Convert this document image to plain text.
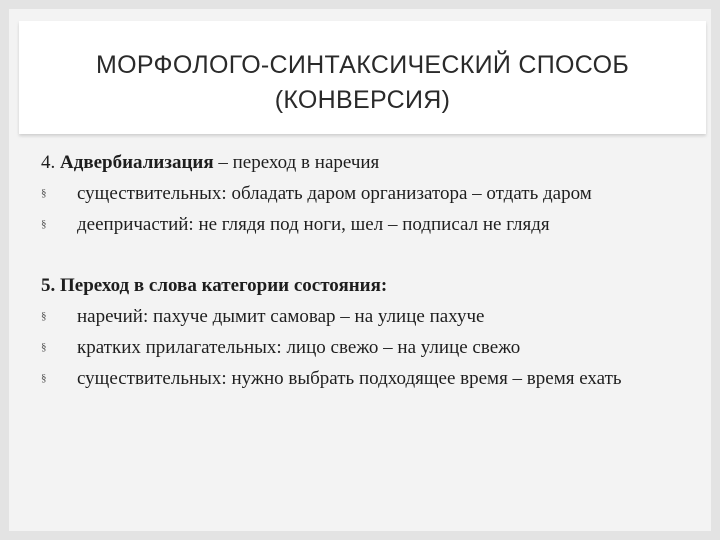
МОРФОЛОГО-СИНТАКСИЧЕСКИЙ СПОСОБ
(КОНВЕРСИЯ)
4. Адвербиализация – переход в наречия
§	существительных: обладать даром организатора – отдать даром
§	деепричастий: не глядя под ноги, шел – подписал не глядя
5. Переход в слова категории состояния:
§	наречий: пахуче дымит самовар – на улице пахуче
§	кратких прилагательных: лицо свежо – на улице свежо
§	существительных: нужно выбрать подходящее время – время ехать
